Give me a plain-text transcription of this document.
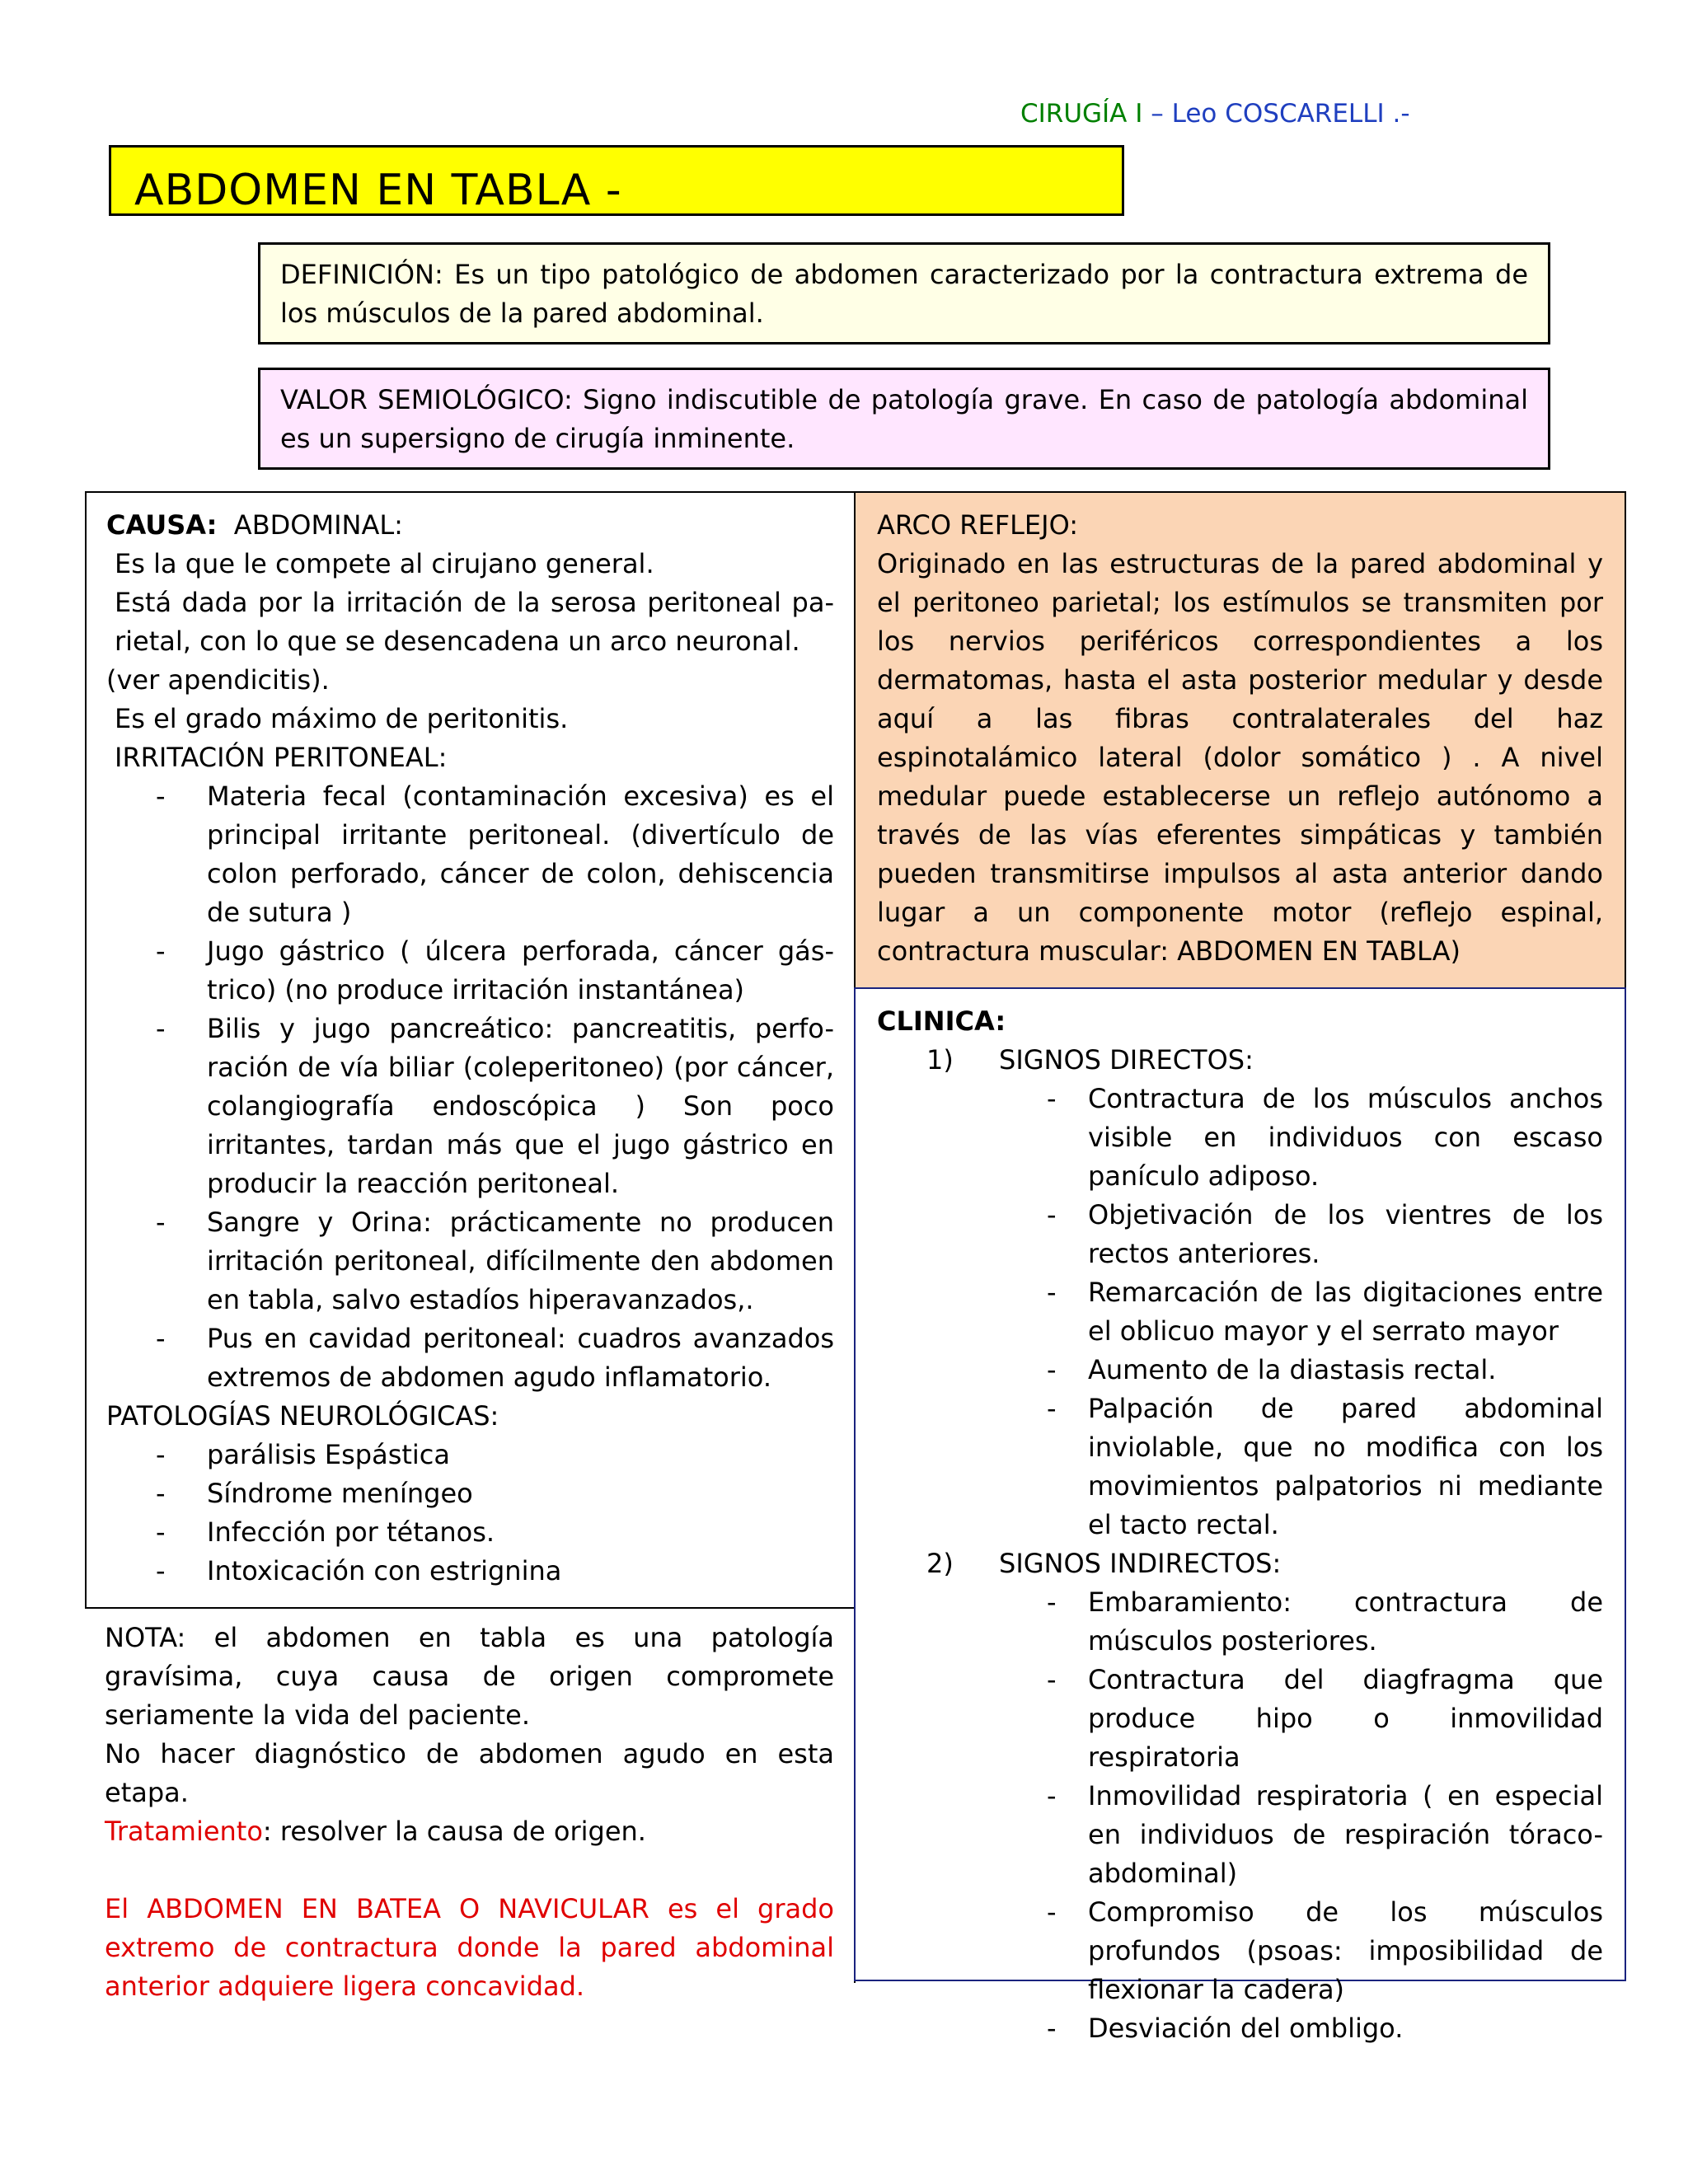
CIRUGÍA I – Leo COSCARELLI .-
ABDOMEN EN TABLA -

DEFINICIÓN: Es un tipo patológico de abdomen caracterizado por la contractura extrema de los músculos de la pared abdominal.

VALOR SEMIOLÓGICO: Signo indiscutible de patología grave. En caso de patología abdominal es un supersigno de cirugía inminente.

CAUSA: ABDOMINAL:

Es la que le compete al cirujano general.

Está dada por la irritación de la serosa peritoneal pa-rietal, con lo que se desencadena un arco neuronal.

(ver apendicitis).

Es el grado máximo de peritonitis.

IRRITACIÓN PERITONEAL:

- Materia fecal (contaminación excesiva) es el principal irritante peritoneal. (divertículo de colon perforado, cáncer de colon, dehiscencia de sutura )
- Jugo gástrico ( úlcera perforada, cáncer gás-trico) (no produce irritación instantánea)
- Bilis y jugo pancreático: pancreatitis, perfo-ración de vía biliar (coleperitoneo) (por cáncer, colangiografía endoscópica ) Son poco irritantes, tardan más que el jugo gástrico en producir la reacción peritoneal.
- Sangre y Orina: prácticamente no producen irritación peritoneal, difícilmente den abdomen en tabla, salvo estadíos hiperavanzados,.
- Pus en cavidad peritoneal: cuadros avanzados extremos de abdomen agudo inflamatorio.

PATOLOGÍAS NEUROLÓGICAS:

- parálisis Espástica
- Síndrome meníngeo
- Infección por tétanos.
- Intoxicación con estrignina

NOTA: el abdomen en tabla es una patología gravísima, cuya causa de origen compromete seriamente la vida del paciente.

No hacer diagnóstico de abdomen agudo en esta etapa.

Tratamiento: resolver la causa de origen.

El ABDOMEN EN BATEA O NAVICULAR es el grado extremo de contractura donde la pared abdominal anterior adquiere ligera concavidad.

ARCO REFLEJO:

Originado en las estructuras de la pared abdominal y el peritoneo parietal; los estímulos se transmiten por los nervios periféricos correspondientes a los dermatomas, hasta el asta posterior medular y desde aquí a las fibras contralaterales del haz espinotalámico lateral (dolor somático ) . A nivel medular puede establecerse un reflejo autónomo a través de las vías eferentes simpáticas y también pueden transmitirse impulsos al asta anterior dando lugar a un componente motor (reflejo espinal, contractura muscular: ABDOMEN EN TABLA)

CLINICA:

1) SIGNOS DIRECTOS:

- Contractura de los músculos anchos visible en individuos con escaso panículo adiposo.
- Objetivación de los vientres de los rectos anteriores.
- Remarcación de las digitaciones entre el oblicuo mayor y el serrato mayor
- Aumento de la diastasis rectal.
- Palpación de pared abdominal inviolable, que no modifica con los movimientos palpatorios ni mediante el tacto rectal.

2) SIGNOS INDIRECTOS:

- Embaramiento: contractura de músculos posteriores.
- Contractura del diagfragma que produce hipo o inmovilidad respiratoria
- Inmovilidad respiratoria ( en especial en individuos de respiración tóraco-abdominal)
- Compromiso de los músculos profundos (psoas: imposibilidad de flexionar la cadera)
- Desviación del ombligo.
